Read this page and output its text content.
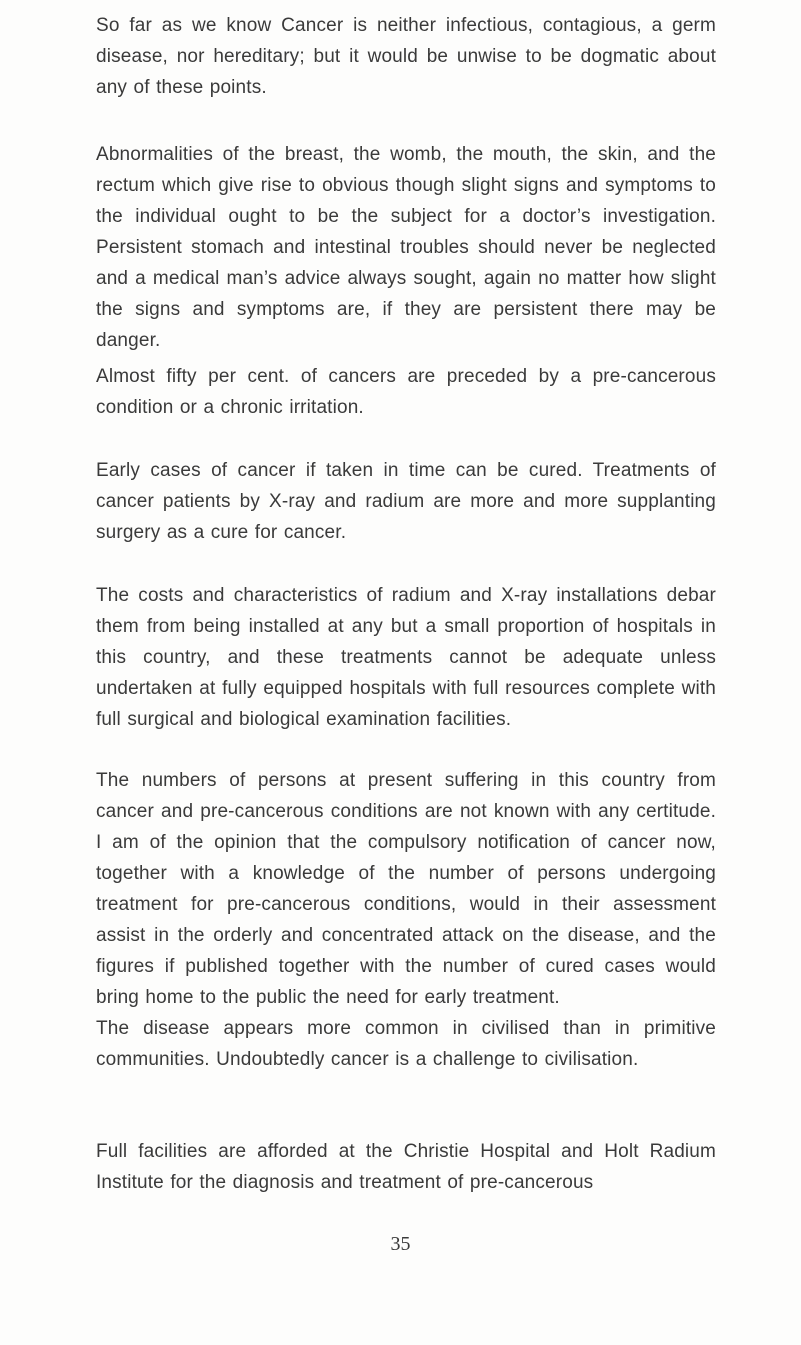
So far as we know Cancer is neither infectious, contagious, a germ disease, nor hereditary; but it would be unwise to be dogmatic about any of these points.

Abnormalities of the breast, the womb, the mouth, the skin, and the rectum which give rise to obvious though slight signs and symptoms to the individual ought to be the subject for a doctor’s investigation. Persistent stomach and intestinal troubles should never be neglected and a medical man’s advice always sought, again no matter how slight the signs and symptoms are, if they are persistent there may be danger.

Almost fifty per cent. of cancers are preceded by a pre-cancerous condition or a chronic irritation.

Early cases of cancer if taken in time can be cured. Treatments of cancer patients by X-ray and radium are more and more supplanting surgery as a cure for cancer.

The costs and characteristics of radium and X-ray installations debar them from being installed at any but a small proportion of hospitals in this country, and these treatments cannot be adequate unless undertaken at fully equipped hospitals with full resources complete with full surgical and biological examination facilities.

The numbers of persons at present suffering in this country from cancer and pre-cancerous conditions are not known with any certitude. I am of the opinion that the compulsory notification of cancer now, together with a knowledge of the number of persons undergoing treatment for pre-cancerous conditions, would in their assessment assist in the orderly and concentrated attack on the disease, and the figures if published together with the number of cured cases would bring home to the public the need for early treatment.

The disease appears more common in civilised than in primitive communities. Undoubtedly cancer is a challenge to civilisation.

Full facilities are afforded at the Christie Hospital and Holt Radium Institute for the diagnosis and treatment of pre-cancerous

35
